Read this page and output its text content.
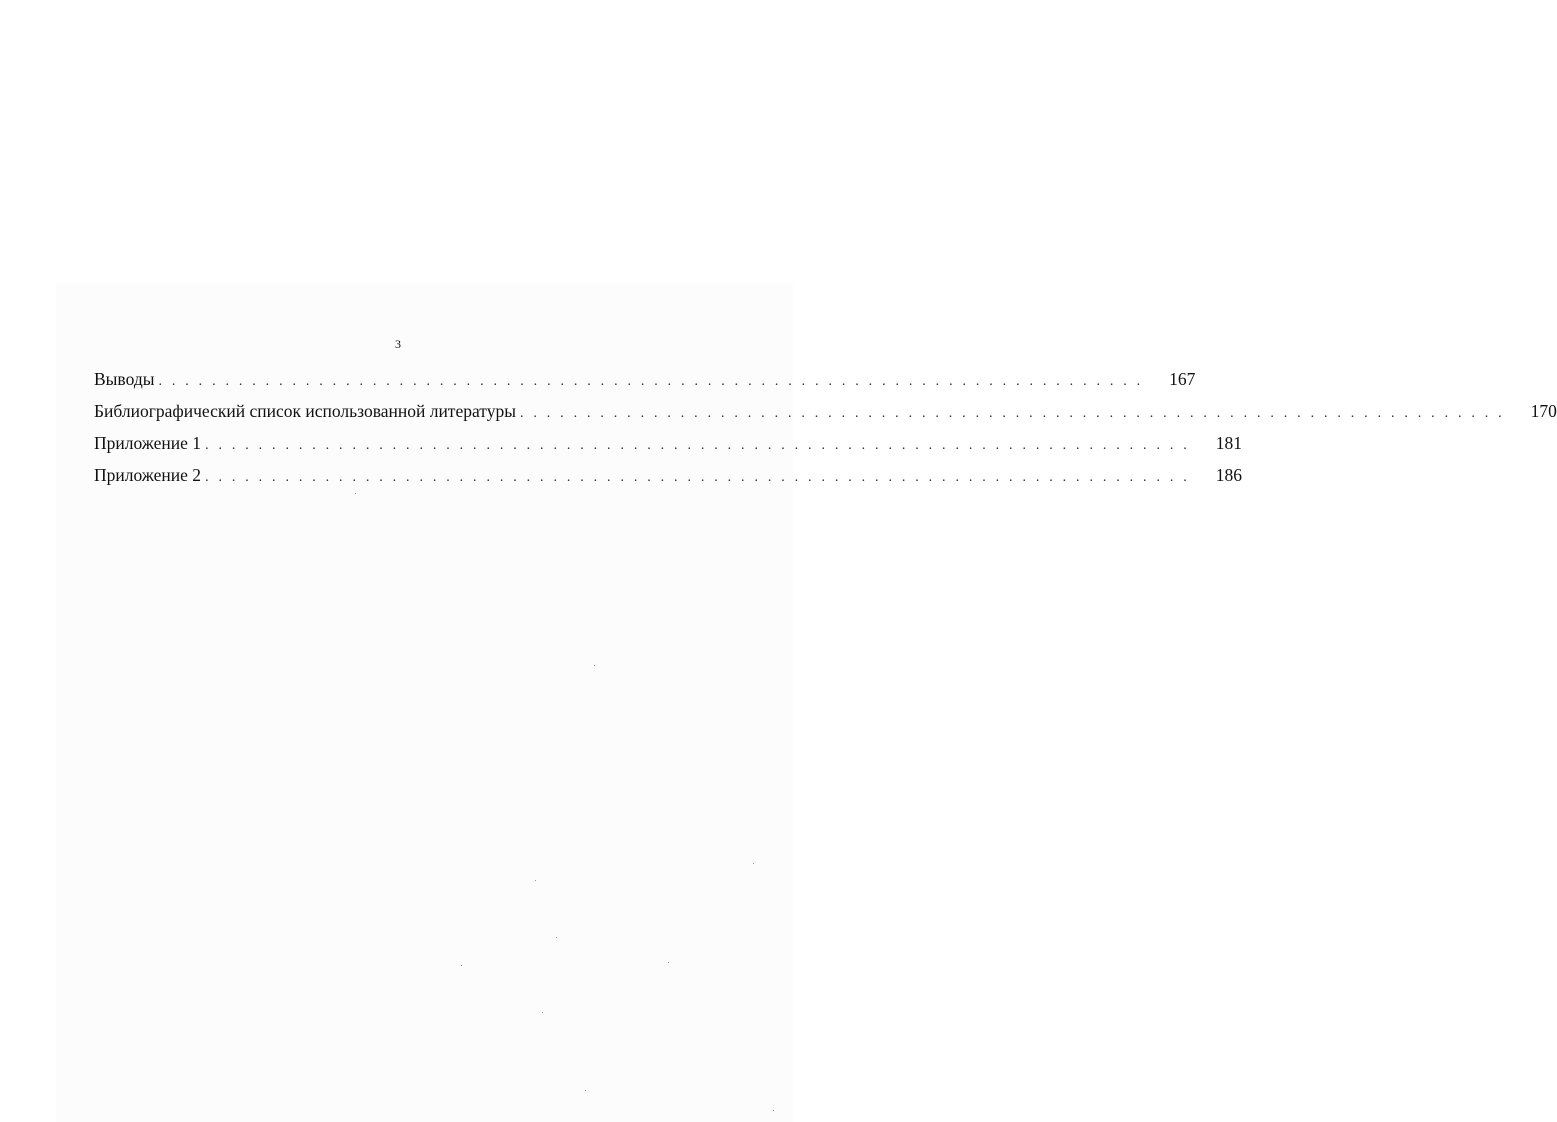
3
Выводы . . . . . . . . . . . . . . . . . . . . . . . . . . . . . . . . . . . . . . . . . . . . . . . . . . . . . . . . . . . . . . . . . . . . . . . . . .	167
Библиографический список использованной литературы . . . . . . . . . . . . . . . . . . . . . . . . . . . . . . . . . . . . . . . . . . . . . . . . . . . . . . . . . . . . . . . . . . . . . . . . . .	170
Приложение 1 . . . . . . . . . . . . . . . . . . . . . . . . . . . . . . . . . . . . . . . . . . . . . . . . . . . . . . . . . . . . . . . . . . . . . . . . . .	181
Приложение 2 . . . . . . . . . . . . . . . . . . . . . . . . . . . . . . . . . . . . . . . . . . . . . . . . . . . . . . . . . . . . . . . . . . . . . . . . . .	186
